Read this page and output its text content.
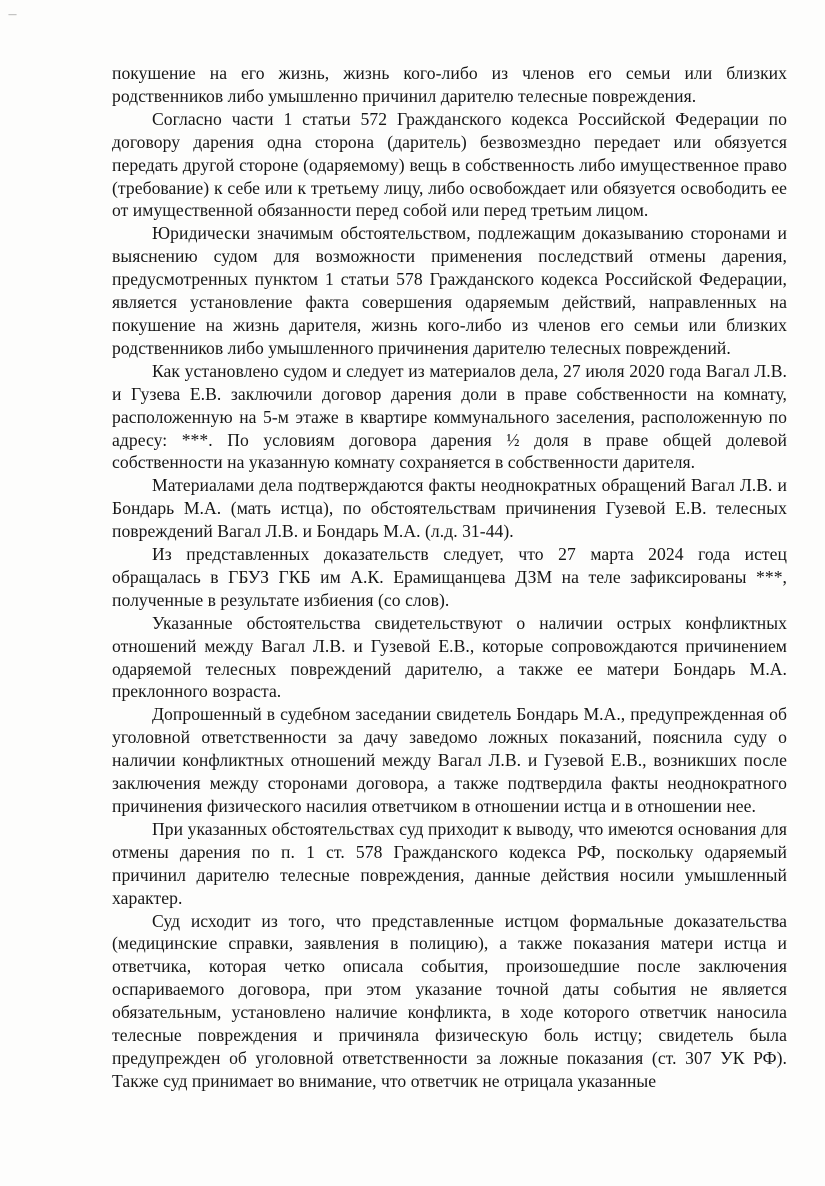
—

покушение на его жизнь, жизнь кого-либо из членов его семьи или близких родственников либо умышленно причинил дарителю телесные повреждения.

Согласно части 1 статьи 572 Гражданского кодекса Российской Федерации по договору дарения одна сторона (даритель) безвозмездно передает или обязуется передать другой стороне (одаряемому) вещь в собственность либо имущественное право (требование) к себе или к третьему лицу, либо освобождает или обязуется освободить ее от имущественной обязанности перед собой или перед третьим лицом.

Юридически значимым обстоятельством, подлежащим доказыванию сторонами и выяснению судом для возможности применения последствий отмены дарения, предусмотренных пунктом 1 статьи 578 Гражданского кодекса Российской Федерации, является установление факта совершения одаряемым действий, направленных на покушение на жизнь дарителя, жизнь кого-либо из членов его семьи или близких родственников либо умышленного причинения дарителю телесных повреждений.

Как установлено судом и следует из материалов дела, 27 июля 2020 года Вагал Л.В. и Гузева Е.В. заключили договор дарения доли в праве собственности на комнату, расположенную на 5-м этаже в квартире коммунального заселения, расположенную по адресу: ***. По условиям договора дарения ½ доля в праве общей долевой собственности на указанную комнату сохраняется в собственности дарителя.

Материалами дела подтверждаются факты неоднократных обращений Вагал Л.В. и Бондарь М.А. (мать истца), по обстоятельствам причинения Гузевой Е.В. телесных повреждений Вагал Л.В. и Бондарь М.А. (л.д. 31-44).

Из представленных доказательств следует, что 27 марта 2024 года истец обращалась в ГБУЗ ГКБ им А.К. Ерамищанцева ДЗМ на теле зафиксированы ***, полученные в результате избиения (со слов).

Указанные обстоятельства свидетельствуют о наличии острых конфликтных отношений между Вагал Л.В. и Гузевой Е.В., которые сопровождаются причинением одаряемой телесных повреждений дарителю, а также ее матери Бондарь М.А. преклонного возраста.

Допрошенный в судебном заседании свидетель Бондарь М.А., предупрежденная об уголовной ответственности за дачу заведомо ложных показаний, пояснила суду о наличии конфликтных отношений между Вагал Л.В. и Гузевой Е.В., возникших после заключения между сторонами договора, а также подтвердила факты неоднократного причинения физического насилия ответчиком в отношении истца и в отношении нее.

При указанных обстоятельствах суд приходит к выводу, что имеются основания для отмены дарения по п. 1 ст. 578 Гражданского кодекса РФ, поскольку одаряемый причинил дарителю телесные повреждения, данные действия носили умышленный характер.

Суд исходит из того, что представленные истцом формальные доказательства (медицинские справки, заявления в полицию), а также показания матери истца и ответчика, которая четко описала события, произошедшие после заключения оспариваемого договора, при этом указание точной даты события не является обязательным, установлено наличие конфликта, в ходе которого ответчик наносила телесные повреждения и причиняла физическую боль истцу; свидетель была предупрежден об уголовной ответственности за ложные показания (ст. 307 УК РФ). Также суд принимает во внимание, что ответчик не отрицала указанные
